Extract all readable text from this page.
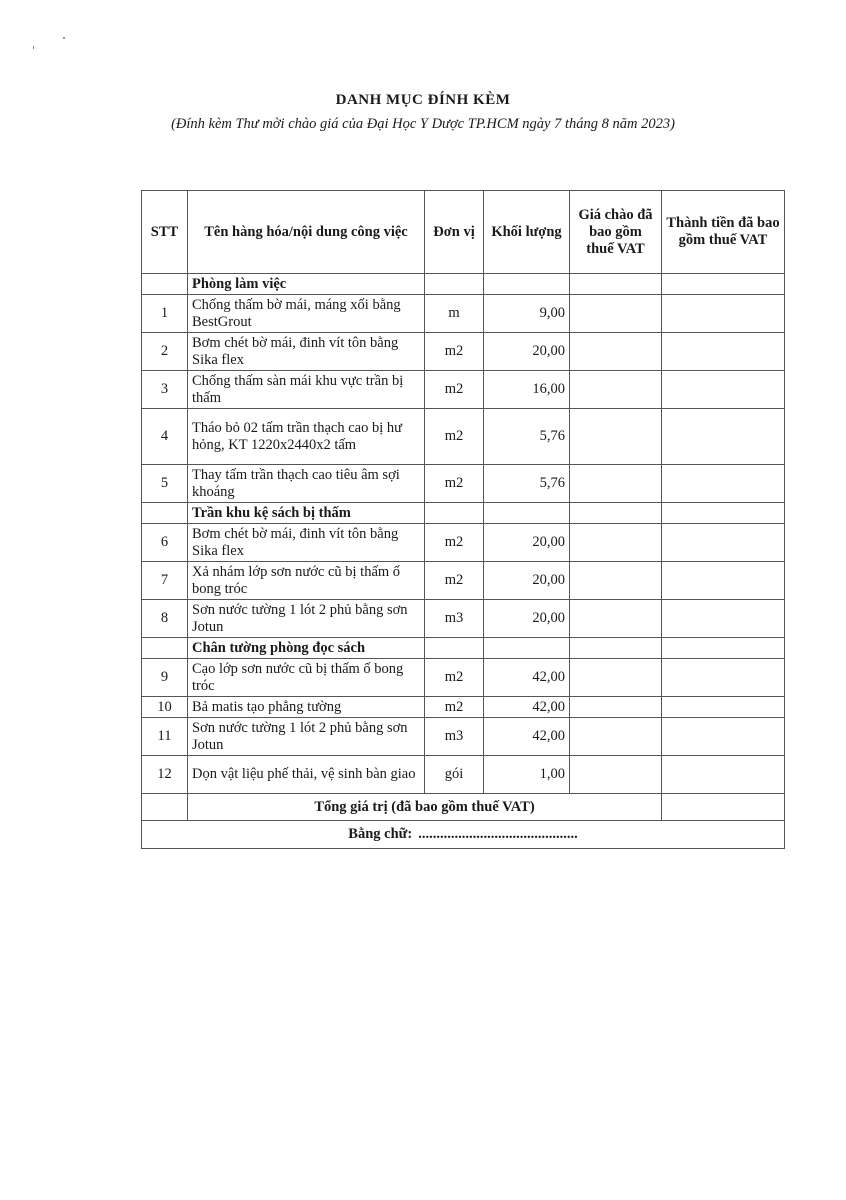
DANH MỤC ĐÍNH KÈM
(Đính kèm Thư mời chào giá của Đại Học Y Dược TP.HCM ngày 7 tháng 8 năm 2023)
STT	Tên hàng hóa/nội dung công việc	Đơn vị	Khối lượng	Giá chào đã bao gồm thuế VAT	Thành tiền đã bao gồm thuế VAT
	Phòng làm việc				
1	Chống thấm bờ mái, máng xối bằng BestGrout	m	9,00		
2	Bơm chét bờ mái, đinh vít tôn bằng Sika flex	m2	20,00		
3	Chống thấm sàn mái khu vực trần bị thấm	m2	16,00		
4	Tháo bỏ 02 tấm trần thạch cao bị hư hỏng, KT 1220x2440x2 tấm	m2	5,76		
5	Thay tấm trần thạch cao tiêu âm sợi khoáng	m2	5,76		
	Trần khu kệ sách bị thấm				
6	Bơm chét bờ mái, đinh vít tôn bằng Sika flex	m2	20,00		
7	Xả nhám lớp sơn nước cũ bị thấm ố bong tróc	m2	20,00		
8	Sơn nước tường 1 lót 2 phủ bằng sơn Jotun	m3	20,00		
	Chân tường phòng đọc sách				
9	Cạo lớp sơn nước cũ bị thấm ố bong tróc	m2	42,00		
10	Bả matis tạo phẳng tường	m2	42,00		
11	Sơn nước tường 1 lót 2 phủ bằng sơn Jotun	m3	42,00		
12	Dọn vật liệu phế thải, vệ sinh bàn giao	gói	1,00		
	Tổng giá trị (đã bao gồm thuế VAT)				
Bằng chữ: ............................................					
